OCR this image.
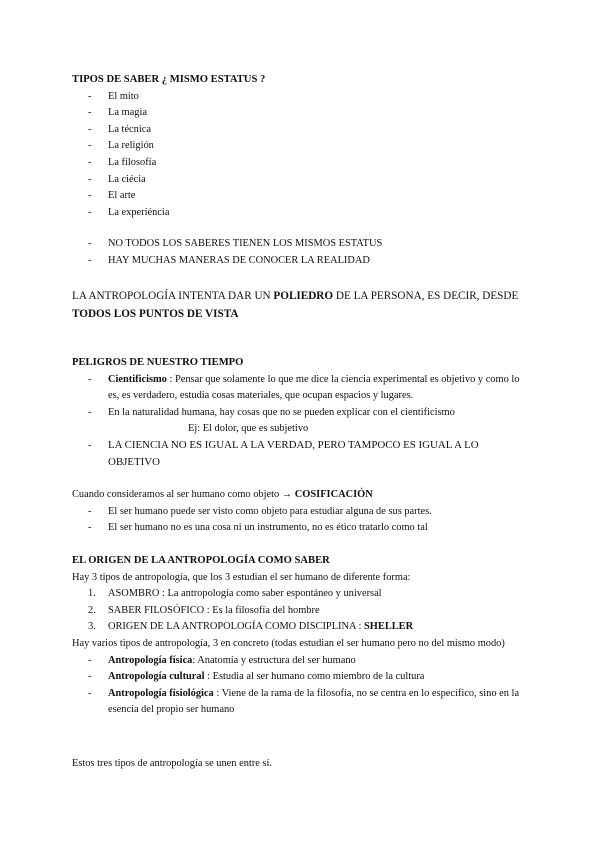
TIPOS DE SABER ¿ MISMO ESTATUS ?
- El mito
- La magia
- La técnica
- La religión
- La filosofía
- La ciécia
- El arte
- La experiéncia
- NO TODOS LOS SABERES TIENEN LOS MISMOS ESTATUS
- HAY MUCHAS MANERAS DE CONOCER LA REALIDAD
LA ANTROPOLOGÍA INTENTA DAR UN POLIEDRO DE LA PERSONA, ES DECIR, DESDE
TODOS LOS PUNTOS DE VISTA
PELIGROS DE NUESTRO TIEMPO
- Cientificismo : Pensar que solamente lo que me dice la ciencia experimental es objetivo y como lo
es, es verdadero, estudia cosas materiales, que ocupan espacios y lugares.
- En la naturalidad humana, hay cosas que no se pueden explicar con el cientificismo
Ej: El dolor, que es subjetivo
- LA CIENCIA NO ES IGUAL A LA VERDAD, PERO TAMPOCO ES IGUAL A LO
OBJETIVO
Cuando consideramos al ser humano como objeto → COSIFICACIÓN
- El ser humano puede ser visto como objeto para estudiar alguna de sus partes.
- El ser humano no es una cosa ni un instrumento, no es ético tratarlo como tal
EL ORIGEN DE LA ANTROPOLOGÍA COMO SABER
Hay 3 tipos de antropología, que los 3 estudian el ser humano de diferente forma:
1. ASOMBRO : La antropología como saber espontáneo y universal
2. SABER FILOSÓFICO : Es la filosofía del hombre
3. ORIGEN DE LA ANTROPOLOGÍA COMO DISCIPLINA : SHELLER
Hay varios tipos de antropología, 3 en concreto (todas estudian el ser humano pero no del mismo modo)
- Antropología física: Anatomía y estructura del ser humano
- Antropología cultural : Estudia al ser humano como miembro de la cultura
- Antropología fisiológica : Viene de la rama de la filosofía, no se centra en lo específico, sino en la
esencia del propio ser humano
Estos tres tipos de antropología se unen entre sí.
